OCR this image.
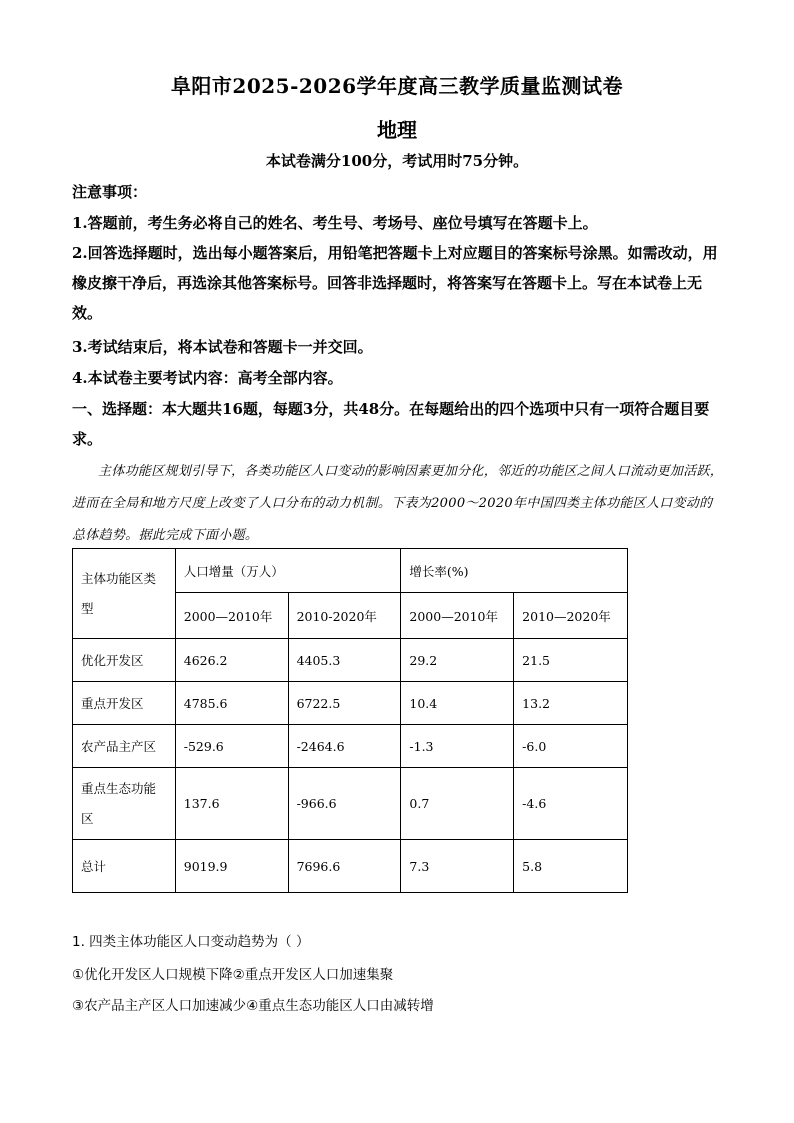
阜阳市2025-2026学年度高三教学质量监测试卷
地理
本试卷满分100分，考试用时75分钟。
注意事项：
1.答题前，考生务必将自己的姓名、考生号、考场号、座位号填写在答题卡上。
2.回答选择题时，选出每小题答案后，用铅笔把答题卡上对应题目的答案标号涂黑。如需改动，用橡皮擦干净后，再选涂其他答案标号。回答非选择题时，将答案写在答题卡上。写在本试卷上无效。
3.考试结束后，将本试卷和答题卡一并交回。
4.本试卷主要考试内容：高考全部内容。
一、选择题：本大题共16题，每题3分，共48分。在每题给出的四个选项中只有一项符合题目要求。
主体功能区规划引导下，各类功能区人口变动的影响因素更加分化，邻近的功能区之间人口流动更加活跃，进而在全局和地方尺度上改变了人口分布的动力机制。下表为2000～2020年中国四类主体功能区人口变动的总体趋势。据此完成下面小题。
主体功能区类型	人口增量（万人）		增长率(%)	
	2000—2010年	2010-2020年	2000—2010年	2010—2020年
优化开发区	4626.2	4405.3	29.2	21.5
重点开发区	4785.6	6722.5	10.4	13.2
农产品主产区	-529.6	-2464.6	-1.3	-6.0
重点生态功能区	137.6	-966.6	0.7	-4.6
总计	9019.9	7696.6	7.3	5.8
1. 四类主体功能区人口变动趋势为（ ）
①优化开发区人口规模下降②重点开发区人口加速集聚
③农产品主产区人口加速减少④重点生态功能区人口由减转增
